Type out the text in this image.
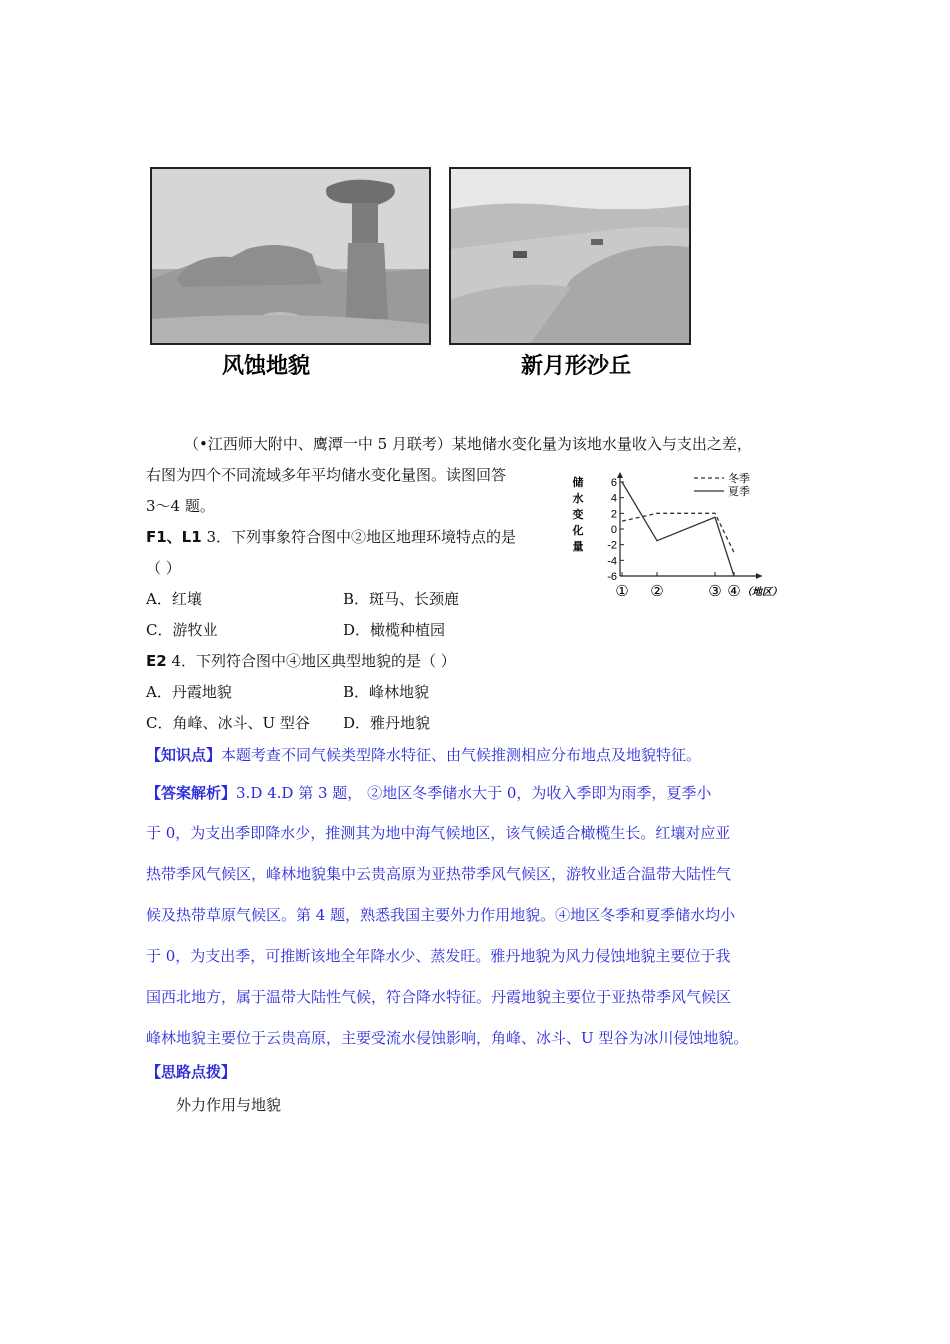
风蚀地貌	新月形沙丘
（•江西师大附中、鹰潭一中 5 月联考）某地储水变化量为该地水量收入与支出之差，
右图为四个不同流域多年平均储水变化量图。读图回答
3～4 题。
F1、L1 3．下列事象符合图中②地区地理环境特点的是
（ ）
A．红壤	B．斑马、长颈鹿
C．游牧业	D．橄榄种植园
E2 4．下列符合图中④地区典型地貌的是（ ）
A．丹霞地貌	B．峰林地貌
C．角峰、冰斗、U 型谷 D．雅丹地貌
【知识点】本题考查不同气候类型降水特征、由气候推测相应分布地点及地貌特征。
【答案解析】3.D 4.D 第 3 题， ②地区冬季储水大于 0，为收入季即为雨季，夏季小
于 0，为支出季即降水少，推测其为地中海气候地区，该气候适合橄榄生长。红壤对应亚
热带季风气候区，峰林地貌集中云贵高原为亚热带季风气候区，游牧业适合温带大陆性气
候及热带草原气候区。第 4 题，熟悉我国主要外力作用地貌。④地区冬季和夏季储水均小
于 0，为支出季，可推断该地全年降水少、蒸发旺。雅丹地貌为风力侵蚀地貌主要位于我
国西北地方，属于温带大陆性气候，符合降水特征。丹霞地貌主要位于亚热带季风气候区
峰林地貌主要位于云贵高原，主要受流水侵蚀影响，角峰、冰斗、U 型谷为冰川侵蚀地貌。
【思路点拨】
外力作用与地貌
6
4
2
0
-2
-4
-6
储
水
变
化
量
① ②	③ ④ （地区）
冬季
夏季
